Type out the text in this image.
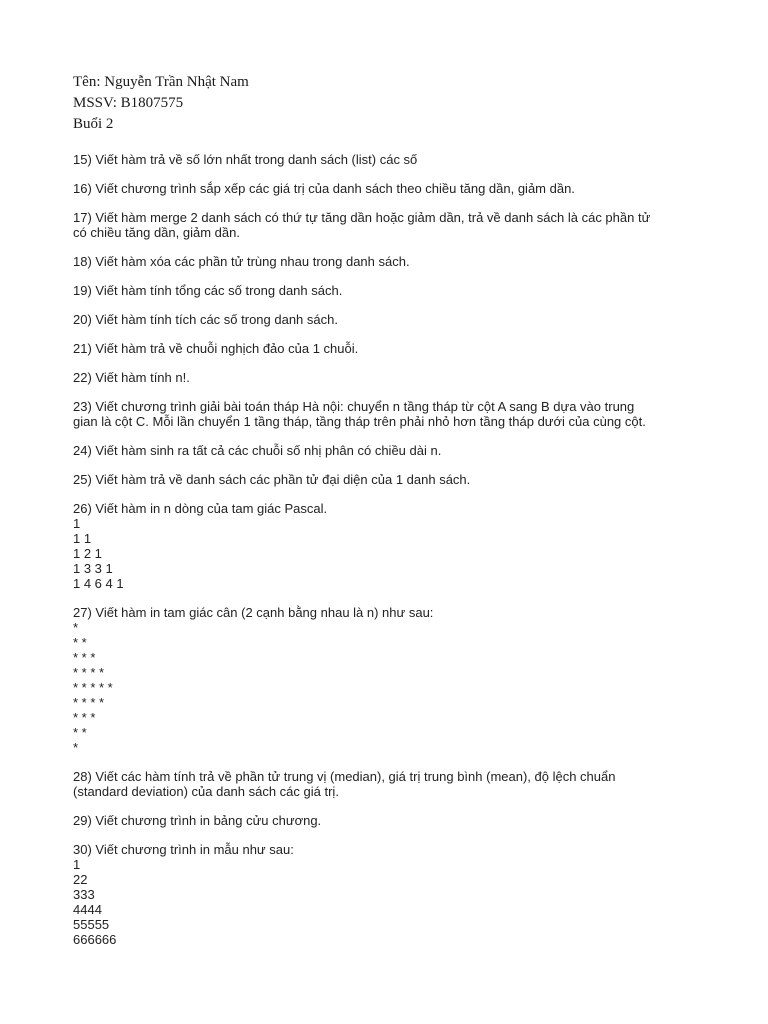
Tên: Nguyễn Trần Nhật Nam
MSSV: B1807575
Buổi 2
15) Viết hàm trả về số lớn nhất trong danh sách (list) các số
16) Viết chương trình sắp xếp các giá trị của danh sách theo chiều tăng dần, giảm dần.
17) Viết hàm merge 2 danh sách có thứ tự tăng dần hoặc giảm dần, trả về danh sách là các phần tử
có chiều tăng dần, giảm dần.
18) Viết hàm xóa các phần tử trùng nhau trong danh sách.
19) Viết hàm tính tổng các số trong danh sách.
20) Viết hàm tính tích các số trong danh sách.
21) Viết hàm trả về chuỗi nghịch đảo của 1 chuỗi.
22) Viết hàm tính n!.
23) Viết chương trình giải bài toán tháp Hà nội: chuyển n tầng tháp từ cột A sang B dựa vào trung
gian là cột C. Mỗi lần chuyển 1 tầng tháp, tầng tháp trên phải nhỏ hơn tầng tháp dưới của cùng cột.
24) Viết hàm sinh ra tất cả các chuỗi số nhị phân có chiều dài n.
25) Viết hàm trả về danh sách các phần tử đại diện của 1 danh sách.
26) Viết hàm in n dòng của tam giác Pascal.
1
1 1
1 2 1
1 3 3 1
1 4 6 4 1
27) Viết hàm in tam giác cân (2 cạnh bằng nhau là n) như sau:
*
* *
* * *
* * * *
* * * * *
* * * *
* * *
* *
*
28) Viết các hàm tính trả về phần tử trung vị (median), giá trị trung bình (mean), độ lệch chuẩn
(standard deviation) của danh sách các giá trị.
29) Viết chương trình in bảng cửu chương.
30) Viết chương trình in mẫu như sau:
1
22
333
4444
55555
666666
